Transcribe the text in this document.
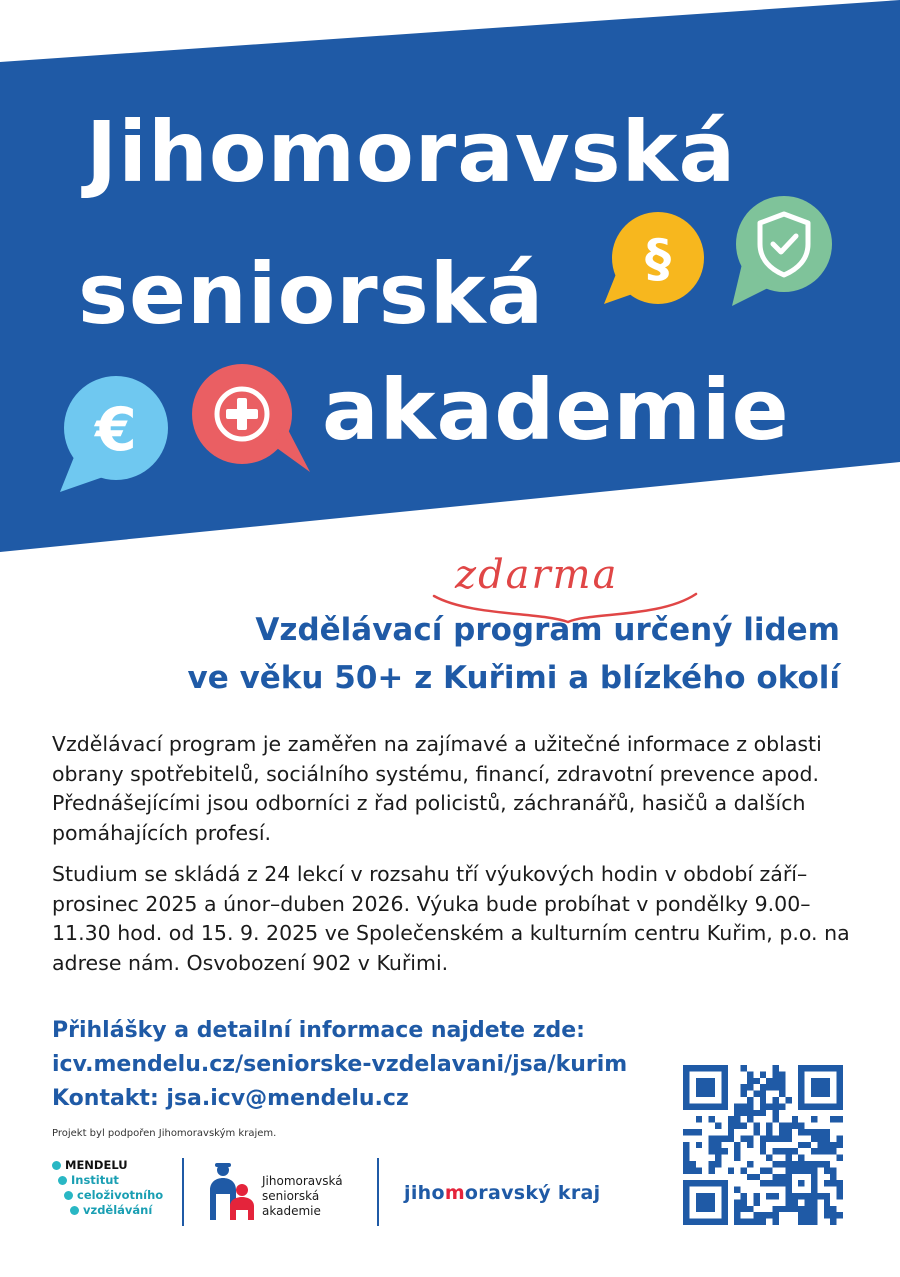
Jihomoravská
seniorská
akademie
§
€
zdarma
Vzdělávací program určený lidem
ve věku 50+ z Kuřimi a blízkého okolí

Vzdělávací program je zaměřen na zajímavé a užitečné informace z oblasti obrany spotřebitelů, sociálního systému, financí, zdravotní prevence apod. Přednášejícími jsou odborníci z řad policistů, záchranářů, hasičů a dalších pomáhajících profesí.

Studium se skládá z 24 lekcí v rozsahu tří výukových hodin v období září–prosinec 2025 a únor–duben 2026. Výuka bude probíhat v pondělky 9.00–11.30 hod. od 15. 9. 2025 ve Společenském a kulturním centru Kuřim, p.o. na adrese nám. Osvobození 902 v Kuřimi.

Přihlášky a detailní informace najdete zde:
icv.mendelu.cz/seniorske-vzdelavani/jsa/kurim
Kontakt: jsa.icv@mendelu.cz
Projekt byl podpořen Jihomoravským krajem.
MENDELU
Institut
celoživotního
vzdělávání
Jihomoravská
seniorská
akademie
jihomoravský kraj
